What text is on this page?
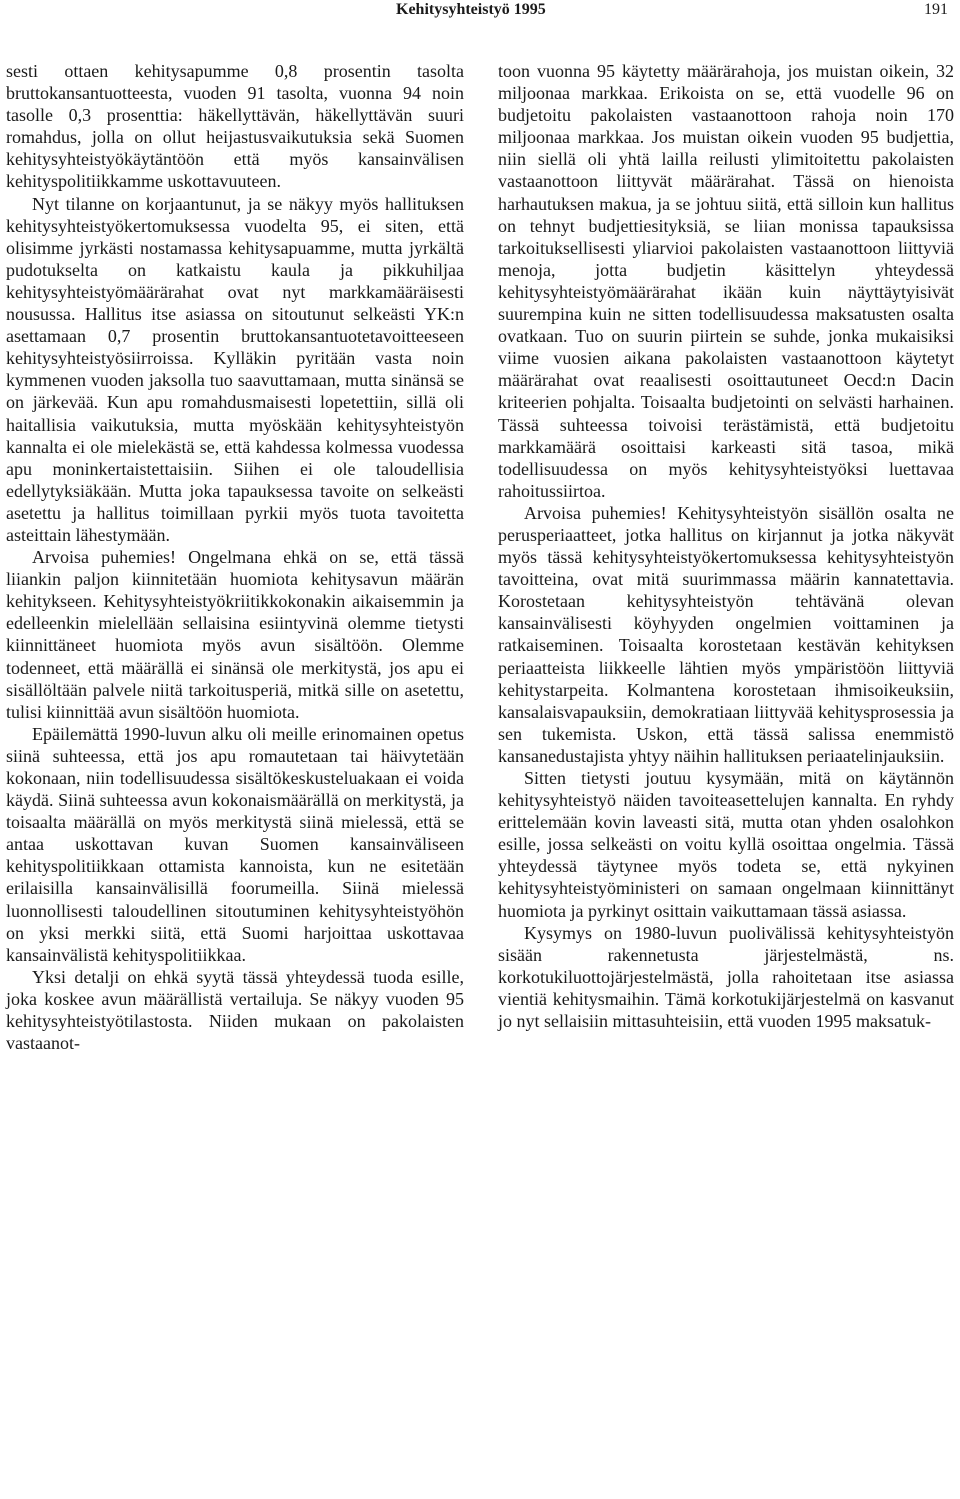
Kehitysyhteistyö 1995	191

sesti ottaen kehitysapumme 0,8 prosentin tasolta bruttokansantuotteesta, vuoden 91 tasolta, vuonna 94 noin tasolle 0,3 prosenttia: häkellyttävän, häkellyttävän suuri romahdus, jolla on ollut heijastusvaikutuksia sekä Suomen kehitysyhteistyökäytäntöön että myös kansainvälisen kehityspolitiikkamme uskottavuuteen.

Nyt tilanne on korjaantunut, ja se näkyy myös hallituksen kehitysyhteistyökertomuksessa vuodelta 95, ei siten, että olisimme jyrkästi nostamassa kehitysapuamme, mutta jyrkältä pudotukselta on katkaistu kaula ja pikkuhiljaa kehitysyhteistyömäärärahat ovat nyt markkamääräisesti nousussa. Hallitus itse asiassa on sitoutunut selkeästi YK:n asettamaan 0,7 prosentin bruttokansantuotetavoitteeseen kehitysyhteistyösiirroissa. Kylläkin pyritään vasta noin kymmenen vuoden jaksolla tuo saavuttamaan, mutta sinänsä se on järkevää. Kun apu romahdusmaisesti lopetettiin, sillä oli haitallisia vaikutuksia, mutta myöskään kehitysyhteistyön kannalta ei ole mielekästä se, että kahdessa kolmessa vuodessa apu moninkertaistettaisiin. Siihen ei ole taloudellisia edellytyksiäkään. Mutta joka tapauksessa tavoite on selkeästi asetettu ja hallitus toimillaan pyrkii myös tuota tavoitetta asteittain lähestymään.

Arvoisa puhemies! Ongelmana ehkä on se, että tässä liiankin paljon kiinnitetään huomiota kehitysavun määrän kehitykseen. Kehitysyhteistyökriitikkokonakin aikaisemmin ja edelleenkin mielellään sellaisina esiintyvinä olemme tietysti kiinnittäneet huomiota myös avun sisältöön. Olemme todenneet, että määrällä ei sinänsä ole merkitystä, jos apu ei sisällöltään palvele niitä tarkoitusperiä, mitkä sille on asetettu, tulisi kiinnittää avun sisältöön huomiota.

Epäilemättä 1990-luvun alku oli meille erinomainen opetus siinä suhteessa, että jos apu romautetaan tai häivytetään kokonaan, niin todellisuudessa sisältökeskusteluakaan ei voida käydä. Siinä suhteessa avun kokonaismäärällä on merkitystä, ja toisaalta määrällä on myös merkitystä siinä mielessä, että se antaa uskottavan kuvan Suomen kansainväliseen kehityspolitiikkaan ottamista kannoista, kun ne esitetään erilaisilla kansainvälisillä foorumeilla. Siinä mielessä luonnollisesti taloudellinen sitoutuminen kehitysyhteistyöhön on yksi merkki siitä, että Suomi harjoittaa uskottavaa kansainvälistä kehityspolitiikkaa.

Yksi detalji on ehkä syytä tässä yhteydessä tuoda esille, joka koskee avun määrällistä vertailuja. Se näkyy vuoden 95 kehitysyhteistyötilastosta. Niiden mukaan on pakolaisten vastaanot-

toon vuonna 95 käytetty määrärahoja, jos muistan oikein, 32 miljoonaa markkaa. Erikoista on se, että vuodelle 96 on budjetoitu pakolaisten vastaanottoon rahoja noin 170 miljoonaa markkaa. Jos muistan oikein vuoden 95 budjettia, niin siellä oli yhtä lailla reilusti ylimitoitettu pakolaisten vastaanottoon liittyvät määrärahat. Tässä on hienoista harhautuksen makua, ja se johtuu siitä, että silloin kun hallitus on tehnyt budjettiesityksiä, se liian monissa tapauksissa tarkoituksellisesti yliarvioi pakolaisten vastaanottoon liittyviä menoja, jotta budjetin käsittelyn yhteydessä kehitysyhteistyömäärärahat ikään kuin näyttäytyisivät suurempina kuin ne sitten todellisuudessa maksatusten osalta ovatkaan. Tuo on suurin piirtein se suhde, jonka mukaisiksi viime vuosien aikana pakolaisten vastaanottoon käytetyt määrärahat ovat reaalisesti osoittautuneet Oecd:n Dacin kriteerien pohjalta. Toisaalta budjetointi on selvästi harhainen. Tässä suhteessa toivoisi terästämistä, että budjetoitu markkamäärä osoittaisi karkeasti sitä tasoa, mikä todellisuudessa on myös kehitysyhteistyöksi luettavaa rahoitussiirtoa.

Arvoisa puhemies! Kehitysyhteistyön sisällön osalta ne perusperiaatteet, jotka hallitus on kirjannut ja jotka näkyvät myös tässä kehitysyhteistyökertomuksessa kehitysyhteistyön tavoitteina, ovat mitä suurimmassa määrin kannatettavia. Korostetaan kehitysyhteistyön tehtävänä olevan kansainvälisesti köyhyyden ongelmien voittaminen ja ratkaiseminen. Toisaalta korostetaan kestävän kehityksen periaatteista liikkeelle lähtien myös ympäristöön liittyviä kehitystarpeita. Kolmantena korostetaan ihmisoikeuksiin, kansalaisvapauksiin, demokratiaan liittyvää kehitysprosessia ja sen tukemista. Uskon, että tässä salissa enemmistö kansanedustajista yhtyy näihin hallituksen periaatelinjauksiin.

Sitten tietysti joutuu kysymään, mitä on käytännön kehitysyhteistyö näiden tavoiteasettelujen kannalta. En ryhdy erittelemään kovin laveasti sitä, mutta otan yhden osalohkon esille, jossa selkeästi on voitu kyllä osoittaa ongelmia. Tässä yhteydessä täytynee myös todeta se, että nykyinen kehitysyhteistyöministeri on samaan ongelmaan kiinnittänyt huomiota ja pyrkinyt osittain vaikuttamaan tässä asiassa.

Kysymys on 1980-luvun puolivälissä kehitysyhteistyön sisään rakennetusta järjestelmästä, ns. korkotukiluottojärjestelmästä, jolla rahoitetaan itse asiassa vientiä kehitysmaihin. Tämä korkotukijärjestelmä on kasvanut jo nyt sellaisiin mittasuhteisiin, että vuoden 1995 maksatuk-
